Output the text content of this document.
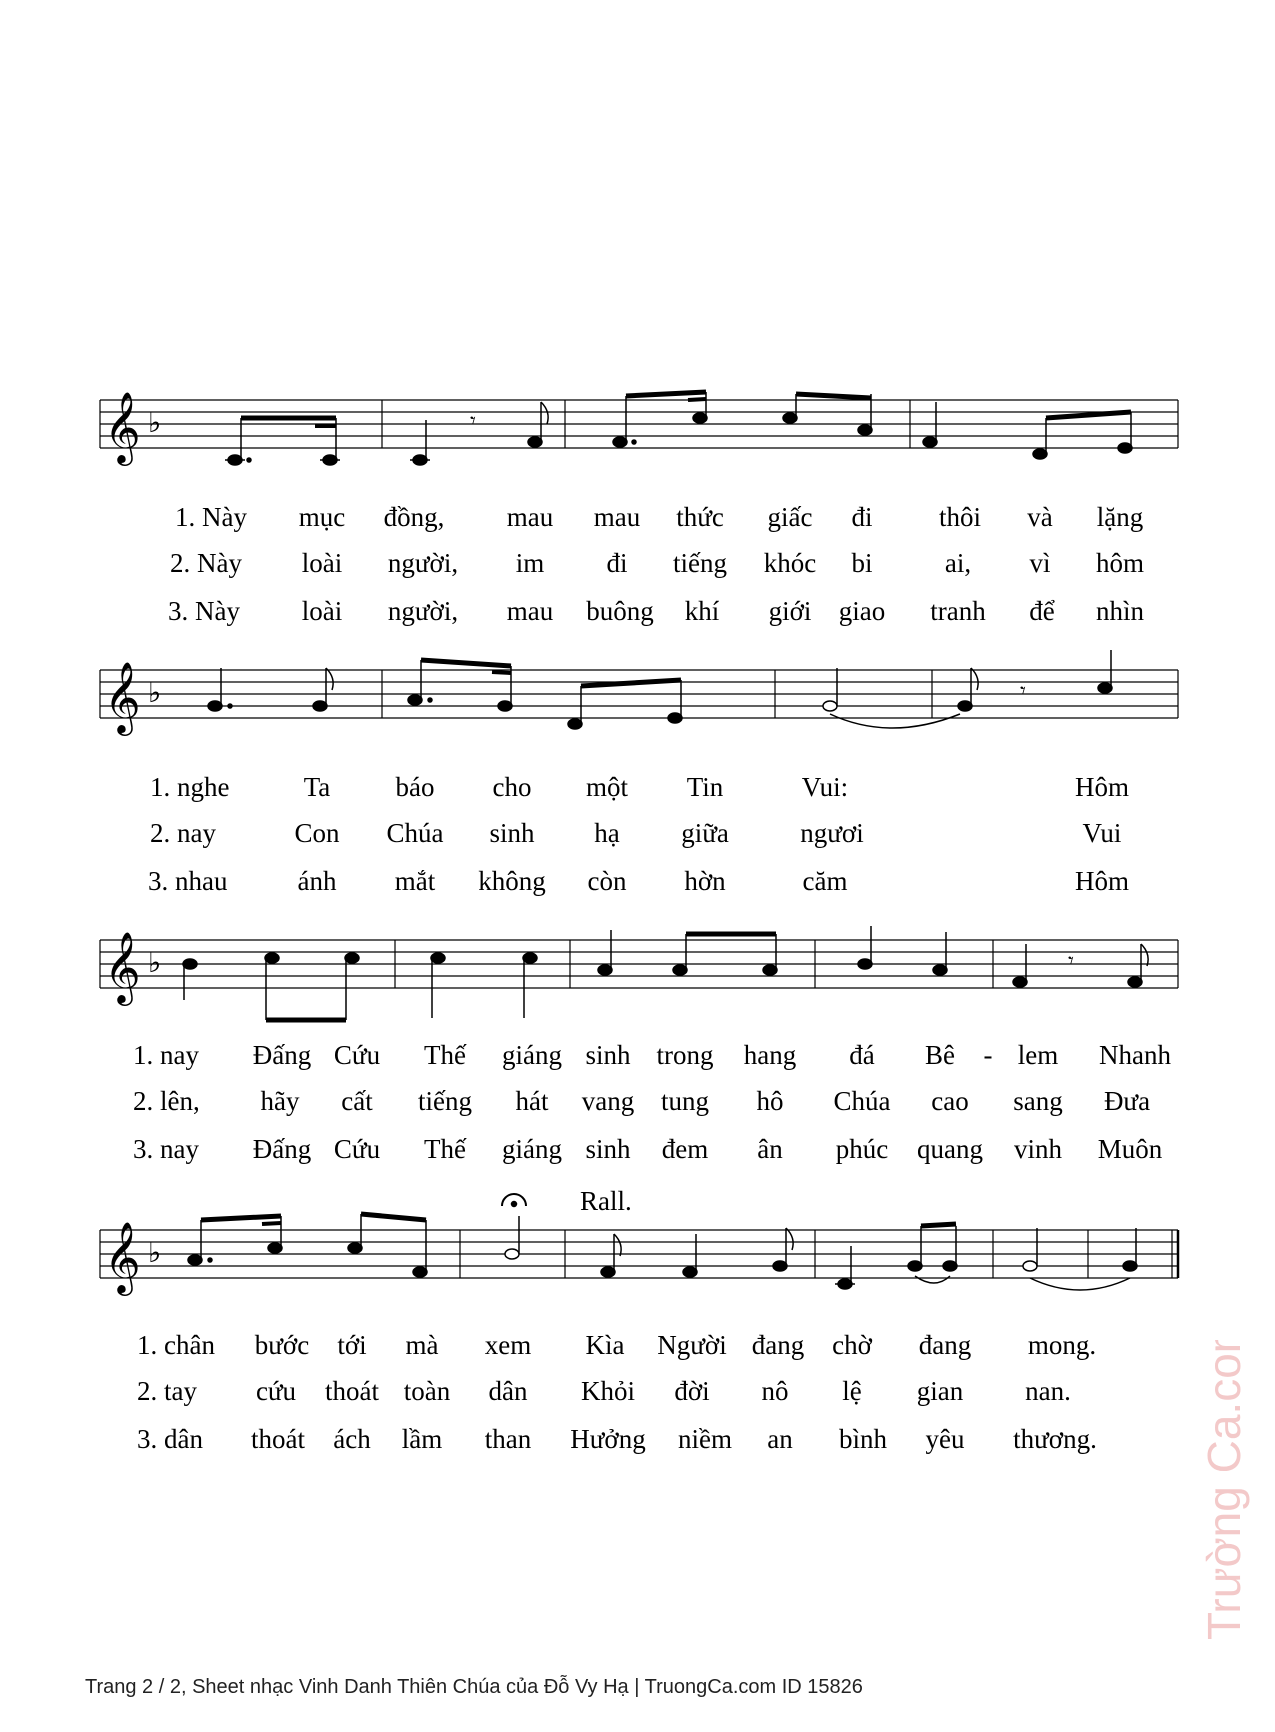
𝄞 ♭	𝄾
1. Này mục đồng, mau mau thức giấc đi thôi và lặng
2. Này loài người, im đi tiếng khóc bi	ai, vì hôm
3. Này loài người, mau buông khí giới giao tranh để nhìn
𝄞 ♭	𝄾
1. nghe	Ta báo cho một Tin	Vui:	Hôm
2. nay	Con Chúa sinh hạ giữa	ngươi	Vui
3. nhau	ánh mắt không còn hờn	căm	Hôm
𝄞 ♭	𝄾
1. nay Đấng Cứu Thế giáng sinh trong hang đá Bê - lem Nhanh
2. lên, hãy cất tiếng hát vang tung hô Chúa cao sang Đưa
3. nay Đấng Cứu Thế giáng sinh đem ân phúc quang vinh Muôn
Rall.
𝄞 ♭
1. chân bước tới mà xem Kìa Người đang chờ đang mong.
2. tay cứu thoát toàn dân Khỏi đời nô lệ gian nan.
3. dân thoát ách lầm than Hưởng niềm an bình yêu thương.
Trang 2 / 2, Sheet nhạc Vinh Danh Thiên Chúa của Đỗ Vy Hạ | TruongCa.com ID 15826
Trường Ca.com
